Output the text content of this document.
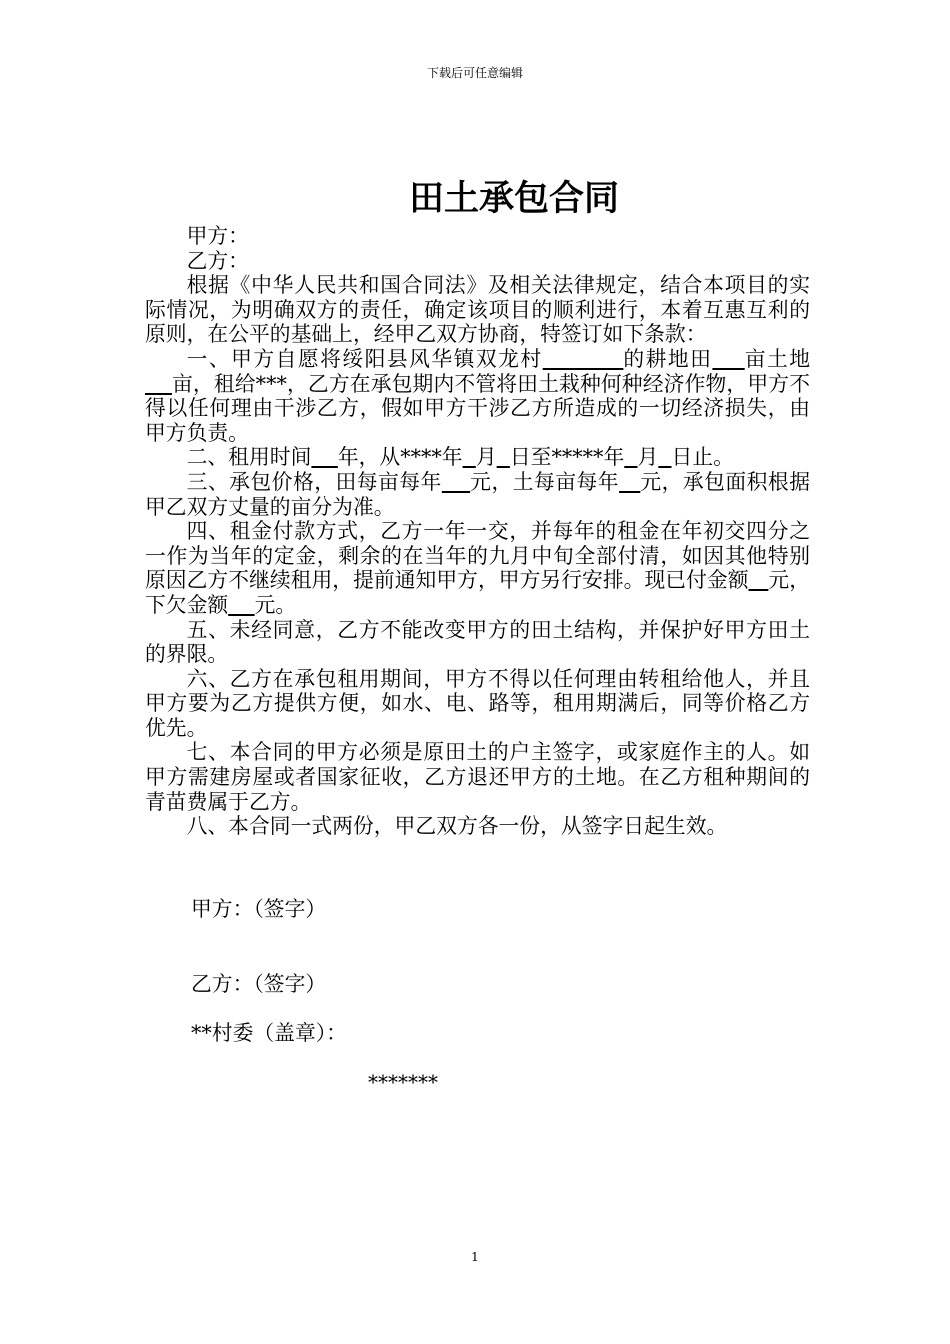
下载后可任意编辑
田土承包合同

甲方：

乙方：

根据《中华人民共和国合同法》及相关法律规定，结合本项目的实际情况，为明确双方的责任，确定该项目的顺利进行，本着互惠互利的原则，在公平的基础上，经甲乙双方协商，特签订如下条款：

一、甲方自愿将绥阳县风华镇双龙村	的耕地田 亩土地    亩，租给***，乙方在承包期内不管将田土栽种何种经济作物，甲方不得以任何理由干涉乙方，假如甲方干涉乙方所造成的一切经济损失，由甲方负责。

二、租用时间 年，从****年 月 日至*****年 月 日止。

三、承包价格，田每亩每年 元，土每亩每年 元，承包面积根据甲乙双方丈量的亩分为准。

四、租金付款方式，乙方一年一交，并每年的租金在年初交四分之一作为当年的定金，剩余的在当年的九月中旬全部付清，如因其他特别原因乙方不继续租用，提前通知甲方，甲方另行安排。现已付金额 元，下欠金额 元。

五、未经同意，乙方不能改变甲方的田土结构，并保护好甲方田土的界限。

六、乙方在承包租用期间，甲方不得以任何理由转租给他人，并且甲方要为乙方提供方便，如水、电、路等，租用期满后，同等价格乙方优先。

七、本合同的甲方必须是原田土的户主签字，或家庭作主的人。如甲方需建房屋或者国家征收，乙方退还甲方的土地。在乙方租种期间的青苗费属于乙方。

八、本合同一式两份，甲乙双方各一份，从签字日起生效。

甲方：（签字）
乙方：（签字）
**村委（盖章）：
*******
1
